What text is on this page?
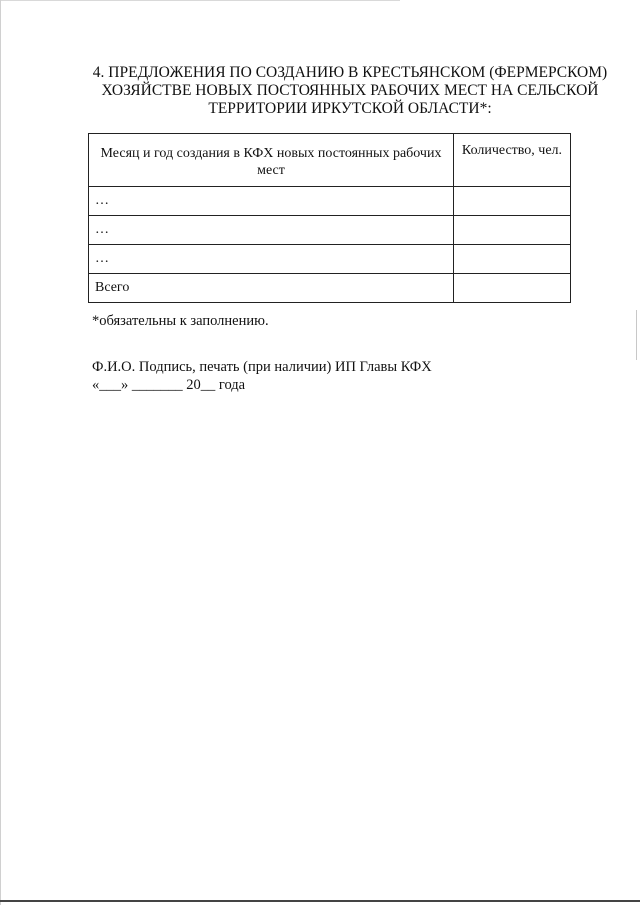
4. ПРЕДЛОЖЕНИЯ ПО СОЗДАНИЮ В КРЕСТЬЯНСКОМ (ФЕРМЕРСКОМ)
ХОЗЯЙСТВЕ НОВЫХ ПОСТОЯННЫХ РАБОЧИХ МЕСТ НА СЕЛЬСКОЙ
ТЕРРИТОРИИ ИРКУТСКОЙ ОБЛАСТИ*:
Месяц и год создания в КФХ новых постоянных рабочих мест	Количество, чел.
…	
…	
…	
Всего	
*обязательны к заполнению.
Ф.И.О. Подпись, печать (при наличии) ИП Главы КФХ
«___» _______ 20__ года
